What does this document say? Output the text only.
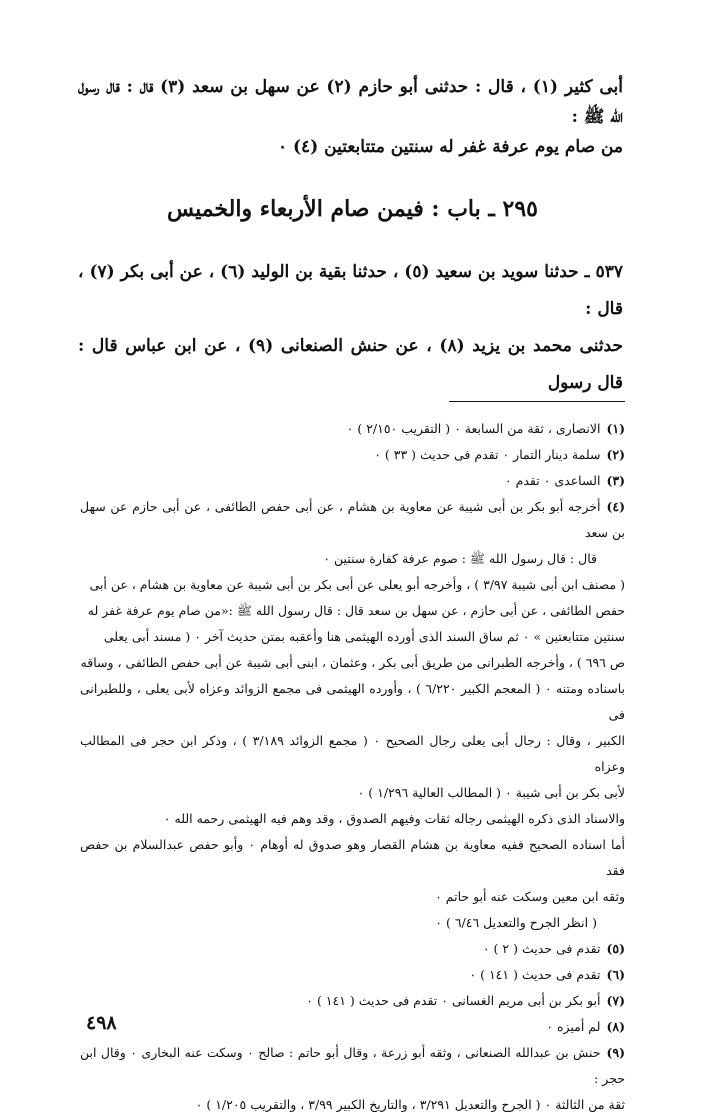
أبى كثير (١) ، قال : حدثنى أبو حازم (٢) عن سهل بن سعد (٣) قال : قال رسول الله ﷺ :

من صام يوم عرفة غفر له سنتين متتابعتين (٤) ٠

٢٩٥ ـ باب : فيمن صام الأربعاء والخميس

٥٣٧ ـ حدثنا سويد بن سعيد (٥) ، حدثنا بقية بن الوليد (٦) ، عن أبى بكر (٧) ، قال :

حدثنى محمد بن يزيد (٨) ، عن حنش الصنعانى (٩) ، عن ابن عباس قال : قال رسول

(١)الانصارى ، ثقة من السابعة ٠ ( التقريب ٢/١٥٠ ) ٠

(٢)سلمة دينار التمار ٠ تقدم فى حديث ( ٣٣ ) ٠

(٣)الساعدى ٠ تقدم ٠

(٤)أخرجه أبو بكر بن أبى شيبة عن معاوية بن هشام ، عن أبى حفص الطائفى ، عن أبى حازم عن سهل بن سعد

قال : قال رسول الله ﷺ : صوم عرفة كفارة سنتين ٠

( مصنف ابن أبى شيبة ٣/٩٧ ) ، وأخرجه أبو يعلى عن أبى بكر بن أبى شيبة عن معاوية بن هشام ، عن أبى

حفص الطائفى ، عن أبى حازم ، عن سهل بن سعد قال : قال رسول الله ﷺ :«من صام يوم عرفة غفر له

سنتين متتابعتين » ٠ ثم ساق السند الذى أورده الهيثمى هنا وأعقبه بمتن حديث آخر ٠ ( مسند أبى يعلى

ص ٦٩٦ ) ، وأخرجه الطبرانى من طريق أبى بكر ، وعثمان ، ابنى أبى شيبة عن أبى حفص الطائفى ، وساقه

باسناده ومتنه ٠ ( المعجم الكبير ٦/٢٢٠ ) ، وأورده الهيثمى فى مجمع الزوائد وعزاه لأبى يعلى ، وللطبرانى فى

الكبير ، وقال : رجال أبى يعلى رجال الصحيح ٠ ( مجمع الزوائد ٣/١٨٩ ) ، وذكر ابن حجر فى المطالب وعزاه

لأبى بكر بن أبى شيبة ٠ ( المطالب العالية ١/٢٩٦ ) ٠

والاسناد الذى ذكره الهيثمى رجاله ثقات وفيهم الصدوق ، وقد وهم فيه الهيثمى رحمه الله ٠

أما اسناده الصحيح ففيه معاوية بن هشام القصار وهو صدوق له أوهام ٠ وأبو حفص عبدالسلام بن حفص فقد

وثقه ابن معين وسكت عنه أبو حاتم ٠

( انظر الجرح والتعديل ٦/٤٦ ) ٠

(٥)تقدم فى حديث ( ٢ ) ٠

(٦)تقدم فى حديث ( ١٤١ ) ٠

(٧)أبو بكر بن أبى مريم الغسانى ٠ تقدم فى حديث ( ١٤١ ) ٠

(٨)لم أميزه ٠

(٩)حنش بن عبدالله الصنعانى ، وثقه أبو زرعة ، وقال أبو حاتم : صالح ٠ وسكت عنه البخارى ٠ وقال ابن حجر :

ثقة من الثالثة ٠ ( الجرح والتعديل ٣/٢٩١ ، والتاريخ الكبير ٣/٩٩ ، والتقريب ١/٢٠٥ ) ٠

٤٩٨
